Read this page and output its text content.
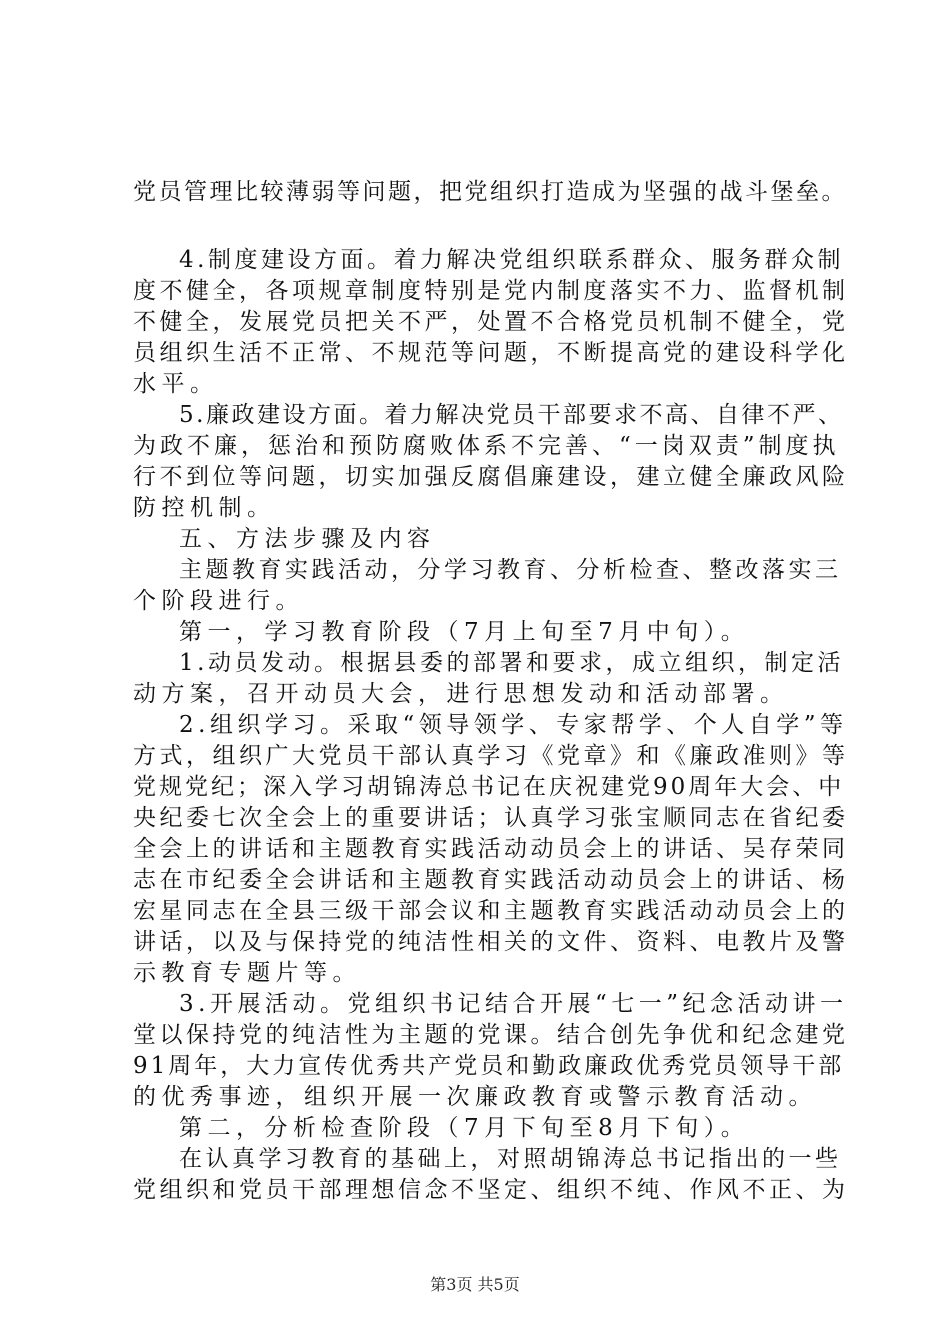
党员管理比较薄弱等问题，把党组织打造成为坚强的战斗堡垒。
4.制度建设方面。着力解决党组织联系群众、服务群众制
度不健全，各项规章制度特别是党内制度落实不力、监督机制
不健全，发展党员把关不严，处置不合格党员机制不健全，党
员组织生活不正常、不规范等问题，不断提高党的建设科学化
水平。
5.廉政建设方面。着力解决党员干部要求不高、自律不严、
为政不廉，惩治和预防腐败体系不完善、“一岗双责”制度执
行不到位等问题，切实加强反腐倡廉建设，建立健全廉政风险
防控机制。
五、方法步骤及内容
主题教育实践活动，分学习教育、分析检查、整改落实三
个阶段进行。
第一，学习教育阶段（7月上旬至7月中旬）。
1.动员发动。根据县委的部署和要求，成立组织，制定活
动方案，召开动员大会，进行思想发动和活动部署。
2.组织学习。采取“领导领学、专家帮学、个人自学”等
方式，组织广大党员干部认真学习《党章》和《廉政准则》等
党规党纪；深入学习胡锦涛总书记在庆祝建党90周年大会、中
央纪委七次全会上的重要讲话；认真学习张宝顺同志在省纪委
全会上的讲话和主题教育实践活动动员会上的讲话、吴存荣同
志在市纪委全会讲话和主题教育实践活动动员会上的讲话、杨
宏星同志在全县三级干部会议和主题教育实践活动动员会上的
讲话，以及与保持党的纯洁性相关的文件、资料、电教片及警
示教育专题片等。
3.开展活动。党组织书记结合开展“七一”纪念活动讲一
堂以保持党的纯洁性为主题的党课。结合创先争优和纪念建党
91周年，大力宣传优秀共产党员和勤政廉政优秀党员领导干部
的优秀事迹，组织开展一次廉政教育或警示教育活动。
第二，分析检查阶段（7月下旬至8月下旬）。
在认真学习教育的基础上，对照胡锦涛总书记指出的一些
党组织和党员干部理想信念不坚定、组织不纯、作风不正、为
第3页 共5页
